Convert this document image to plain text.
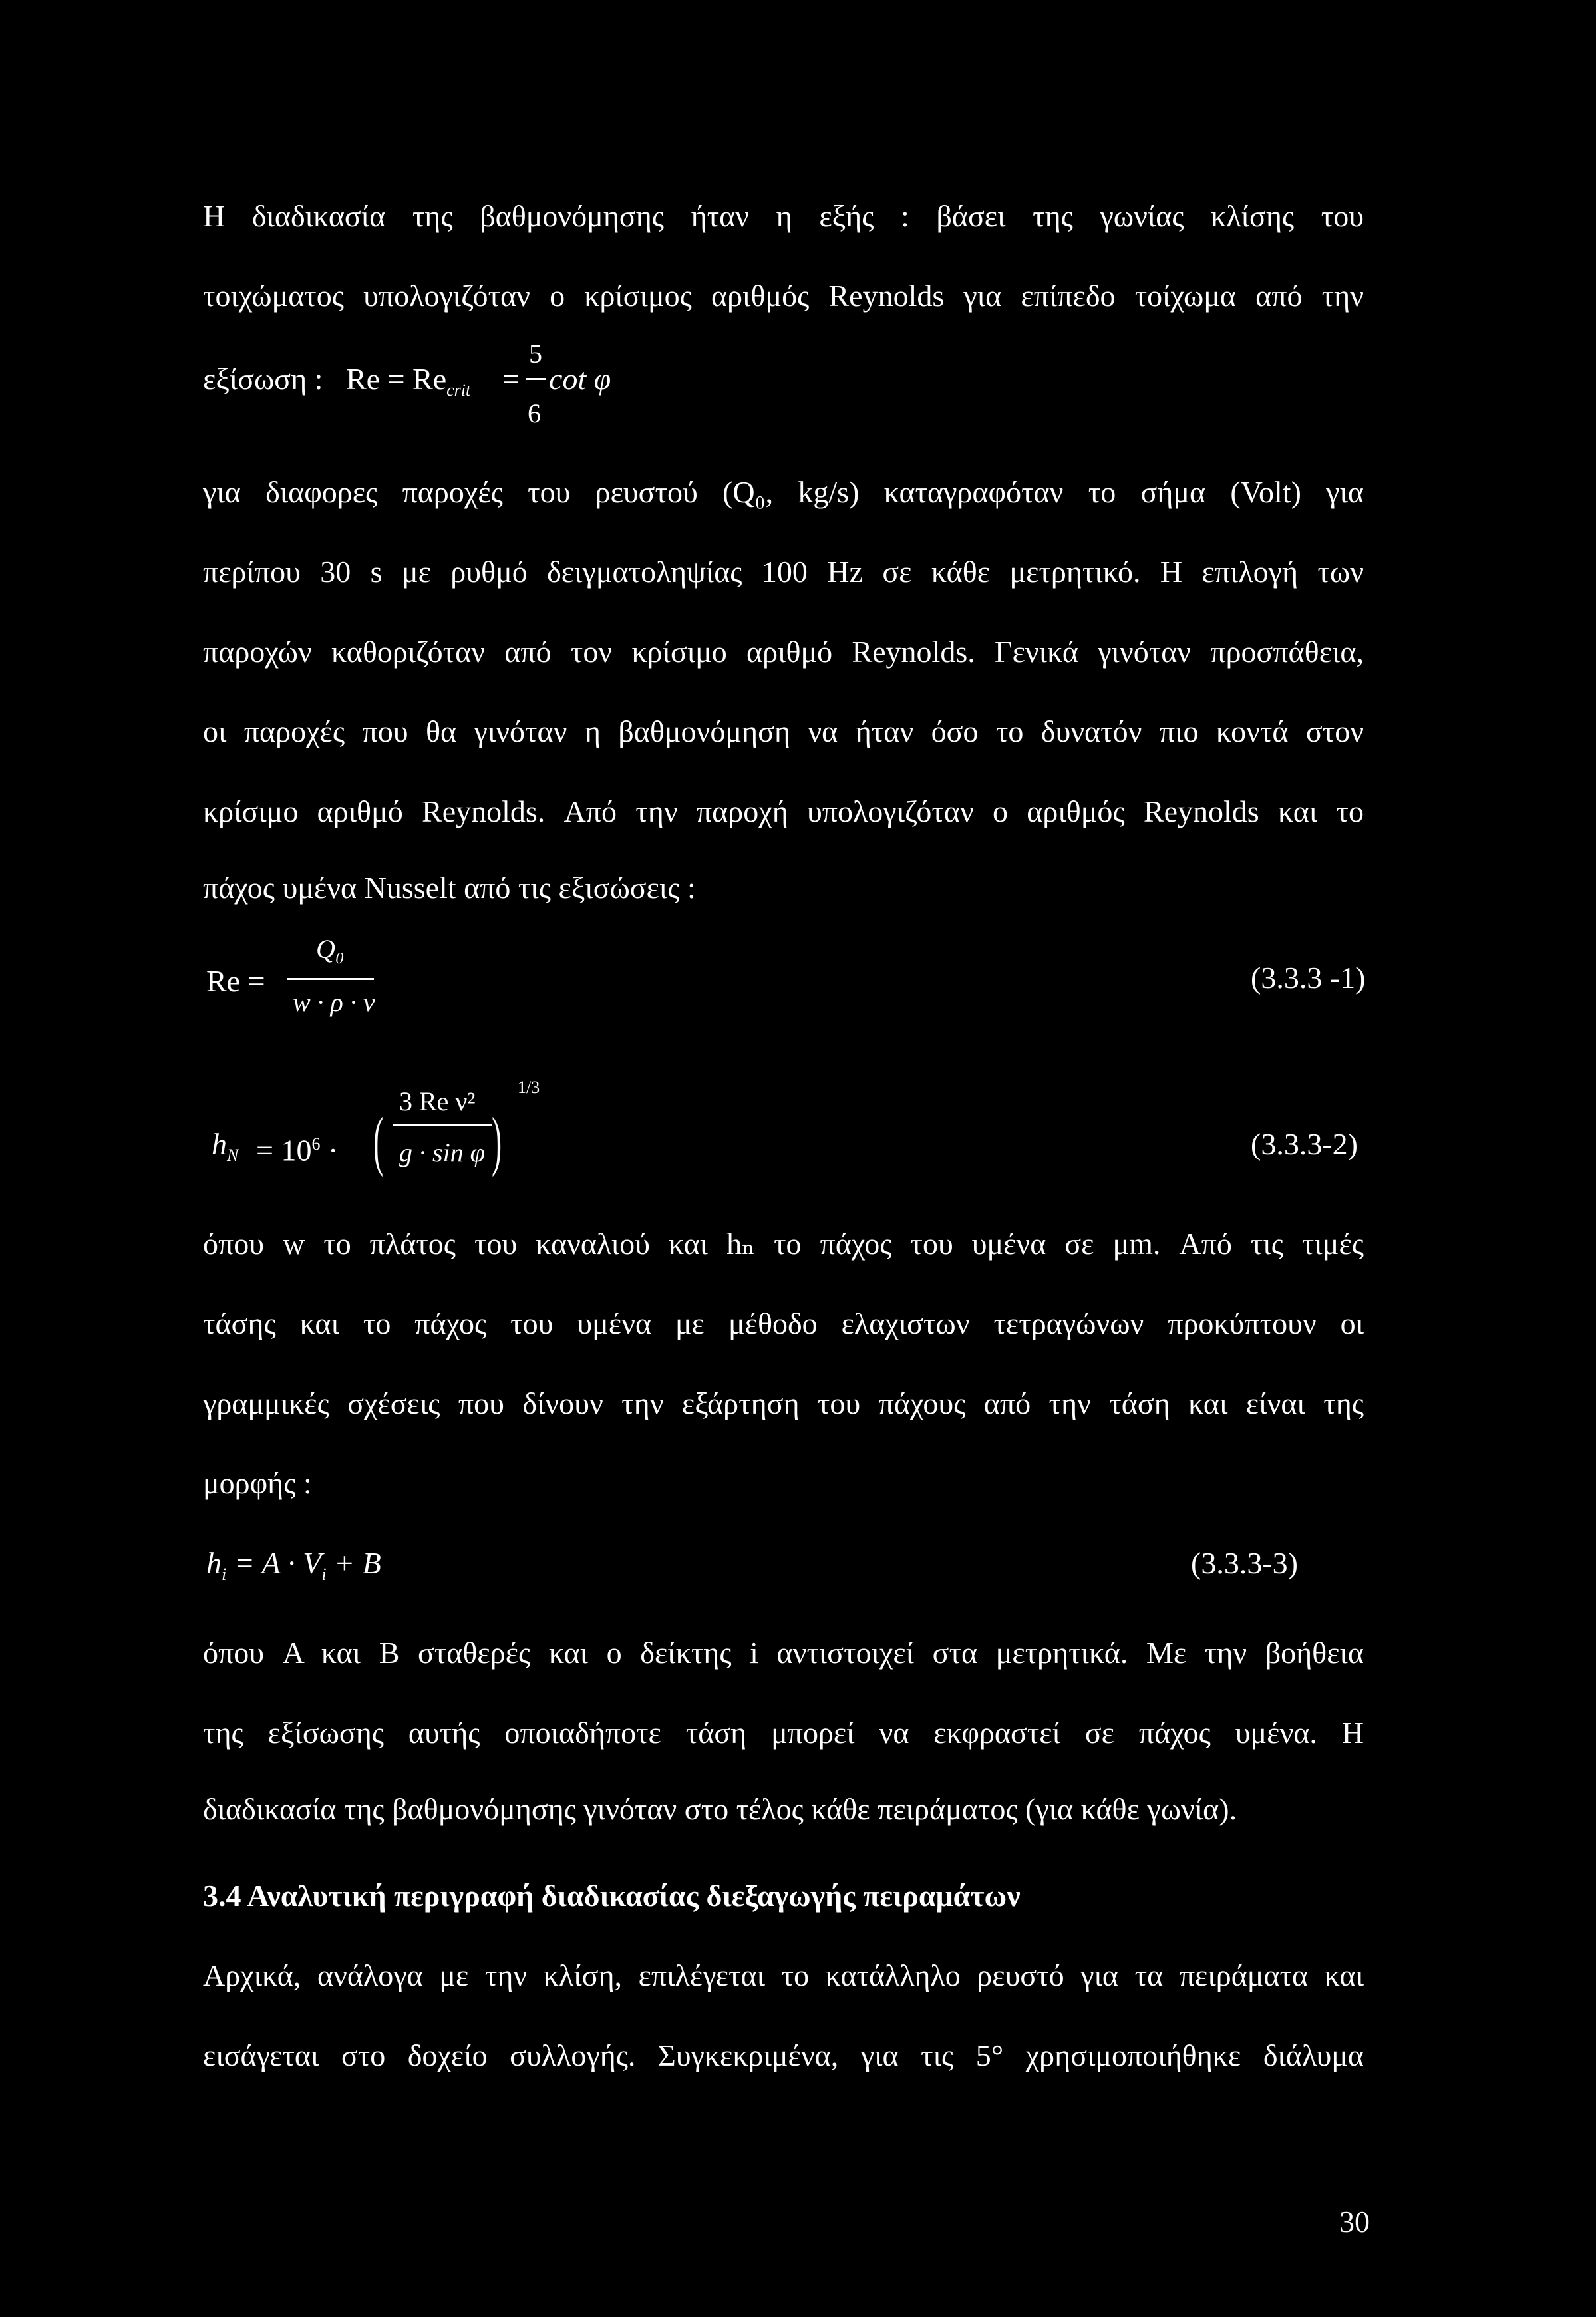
Η διαδικασία της βαθμονόμησης ήταν η εξής : βάσει της γωνίας κλίσης του
τοιχώματος υπολογιζόταν ο κρίσιμος αριθμός Reynolds για επίπεδο τοίχωμα από την
εξίσωση : $Re = Re_{crit}$ =
5
6
cot φ
για διαφορες παροχές του ρευστού (Q₀, kg/s) καταγραφόταν το σήμα (Volt) για
περίπου 30 s με ρυθμό δειγματοληψίας 100 Hz σε κάθε μετρητικό. Η επιλογή των
παροχών καθοριζόταν από τον κρίσιμο αριθμό Reynolds. Γενικά γινόταν προσπάθεια,
οι παροχές που θα γινόταν η βαθμονόμηση να ήταν όσο το δυνατόν πιο κοντά στον
κρίσιμο αριθμό Reynolds. Από την παροχή υπολογιζόταν ο αριθμός Reynolds και το
πάχος υμένα Nusselt από τις εξισώσεις :
Re =
Q₀
w · ρ · ν
(3.3.3 -1)
$h_N = 10^6$ · (
3 Re ν²
g · sin φ )
1/3
(3.3.3-2)
όπου w το πλάτος του καναλιού και hₙ το πάχος του υμένα σε μm. Από τις τιμές
τάσης και το πάχος του υμένα με μέθοδο ελαχιστων τετραγώνων προκύπτουν οι
γραμμικές σχέσεις που δίνουν την εξάρτηση του πάχους από την τάση και είναι της
μορφής :
$h_i = A \cdot V_i + B$	(3.3.3-3)
όπου A και B σταθερές και ο δείκτης i αντιστοιχεί στα μετρητικά. Με την βοήθεια
της εξίσωσης αυτής οποιαδήποτε τάση μπορεί να εκφραστεί σε πάχος υμένα. Η
διαδικασία της βαθμονόμησης γινόταν στο τέλος κάθε πειράματος (για κάθε γωνία).
3.4 Αναλυτική περιγραφή διαδικασίας διεξαγωγής πειραμάτων
Αρχικά, ανάλογα με την κλίση, επιλέγεται το κατάλληλο ρευστό για τα πειράματα και
εισάγεται στο δοχείο συλλογής. Συγκεκριμένα, για τις 5° χρησιμοποιήθηκε διάλυμα
30
